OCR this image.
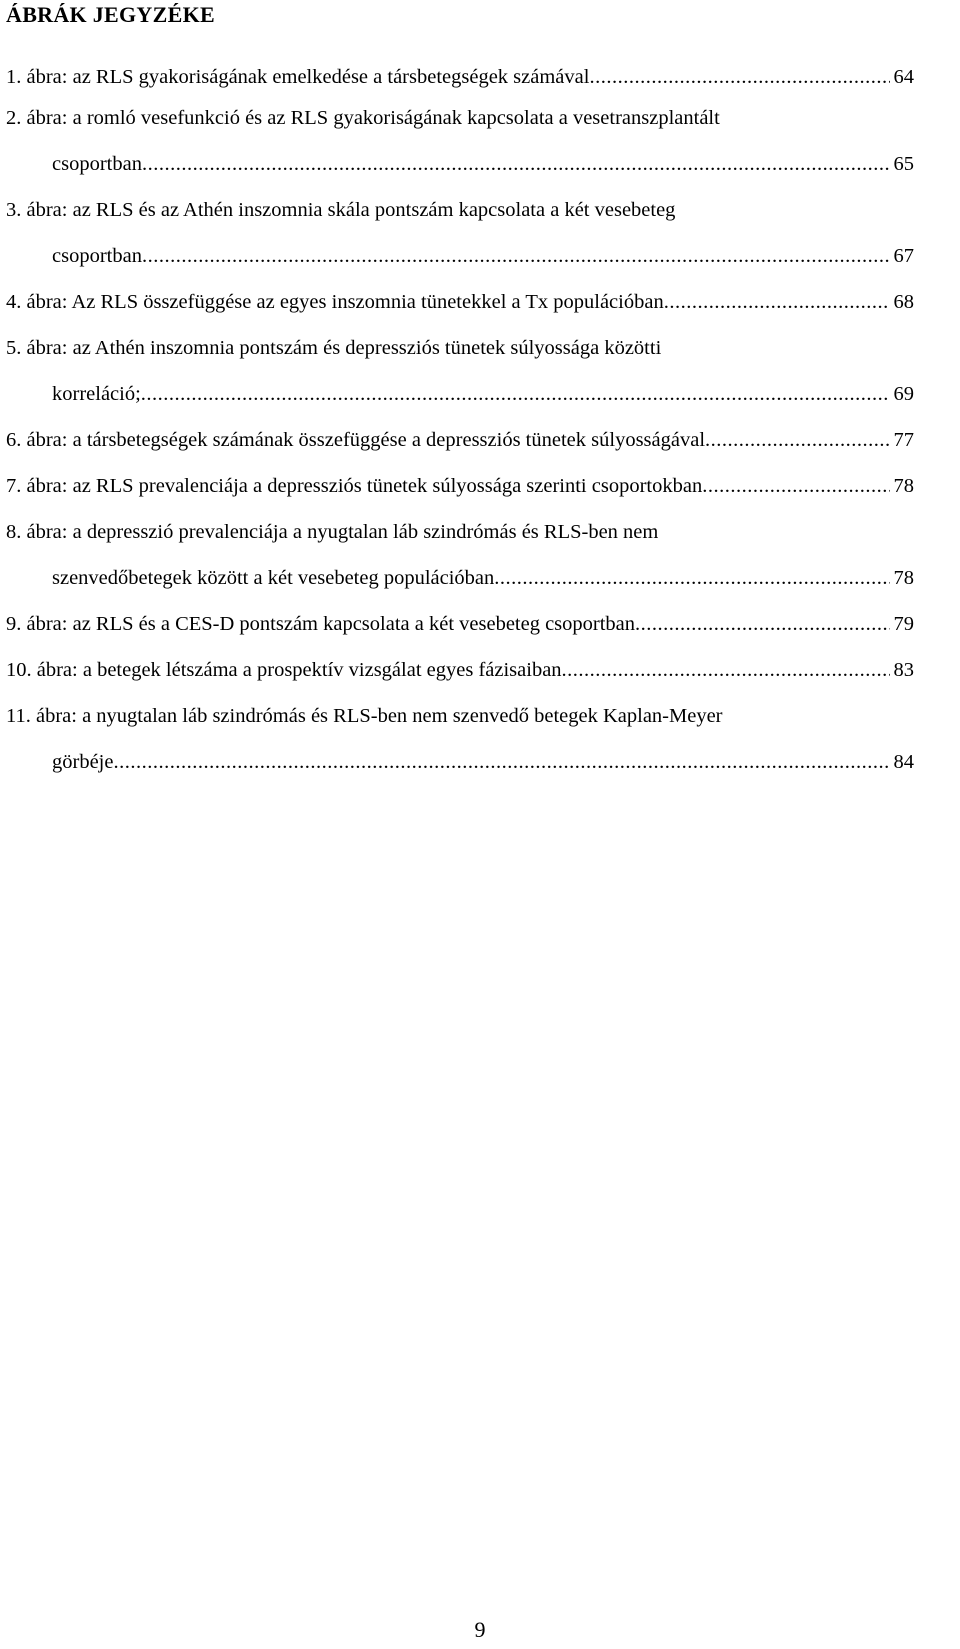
ÁBRÁK JEGYZÉKE
1. ábra: az RLS gyakoriságának emelkedése a társbetegségek számával .....	64
2. ábra: a romló vesefunkció és az RLS gyakoriságának kapcsolata a vesetranszplantált
csoportban .....	65
3. ábra: az RLS és az Athén inszomnia skála pontszám kapcsolata a két vesebeteg
csoportban .....	67
4. ábra: Az RLS összefüggése az egyes inszomnia tünetekkel a Tx populációban .....	68
5. ábra: az Athén inszomnia pontszám és depressziós tünetek súlyossága közötti
korreláció; .....	69
6. ábra: a társbetegségek számának összefüggése a depressziós tünetek súlyosságával .....	77
7. ábra: az RLS prevalenciája a depressziós tünetek súlyossága szerinti csoportokban .....	78
8. ábra: a depresszió prevalenciája a nyugtalan láb szindrómás és RLS-ben nem
szenvedőbetegek között a két vesebeteg populációban .....	78
9. ábra: az RLS és a CES-D pontszám kapcsolata a két vesebeteg csoportban .....	79
10. ábra: a betegek létszáma a prospektív vizsgálat egyes fázisaiban .....	83
11. ábra: a nyugtalan láb szindrómás és RLS-ben nem szenvedő betegek Kaplan-Meyer
görbéje .....	84
9
